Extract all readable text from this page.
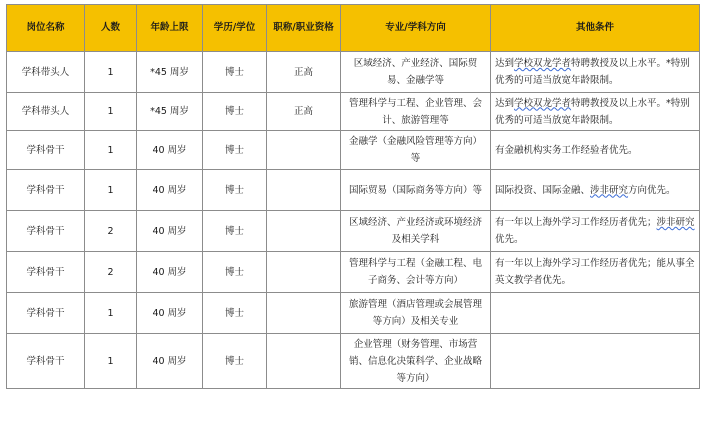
岗位名称	人数	年龄上限	学历/学位	职称/职业资格	专业/学科方向	其他条件
学科带头人	1	*45 周岁	博士	正高	区域经济、产业经济、国际贸易、金融学等	达到学校双龙学者特聘教授及以上水平。*特别优秀的可适当放宽年龄限制。
学科带头人	1	*45 周岁	博士	正高	管理科学与工程、企业管理、会计、旅游管理等	达到学校双龙学者特聘教授及以上水平。*特别优秀的可适当放宽年龄限制。
学科骨干	1	40 周岁	博士		金融学（金融风险管理等方向）等	有金融机构实务工作经验者优先。
学科骨干	1	40 周岁	博士		国际贸易（国际商务等方向）等	国际投资、国际金融、涉非研究方向优先。
学科骨干	2	40 周岁	博士		区域经济、产业经济或环境经济及相关学科	有一年以上海外学习工作经历者优先；涉非研究优先。
学科骨干	2	40 周岁	博士		管理科学与工程（金融工程、电子商务、会计等方向）	有一年以上海外学习工作经历者优先；能从事全英文教学者优先。
学科骨干	1	40 周岁	博士		旅游管理（酒店管理或会展管理等方向）及相关专业	
学科骨干	1	40 周岁	博士		企业管理（财务管理、市场营销、信息化决策科学、企业战略等方向）	
